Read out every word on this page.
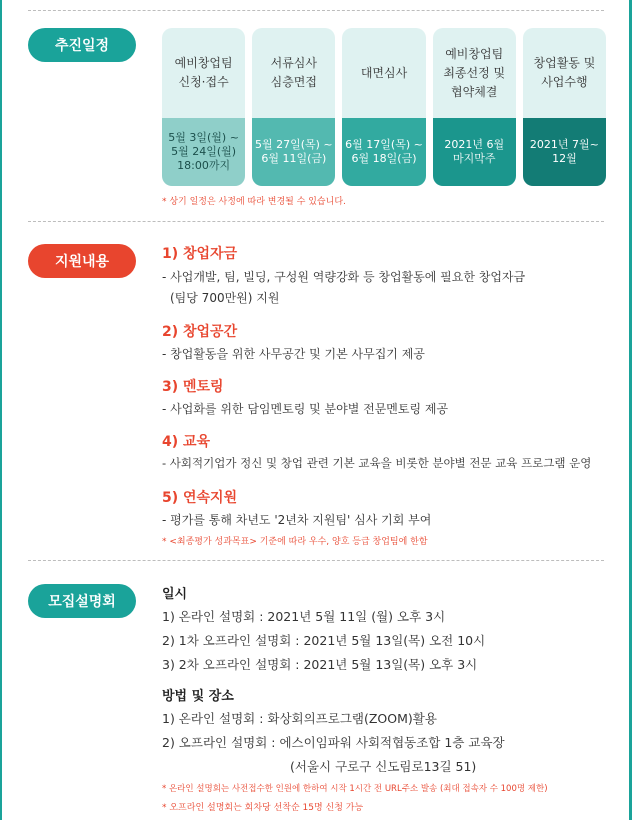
추진일정
예비창업팀
신청·접수
5월 3일(월) ~
5월 24일(월)
18:00까지
서류심사
심층면접
5월 27일(목) ~
6월 11일(금)
대면심사
6월 17일(목) ~
6월 18일(금)
예비창업팀
최종선정 및
협약체결
2021년 6월
마지막주
창업활동 및
사업수행
2021년 7월~
12월
* 상기 일정은 사정에 따라 변경될 수 있습니다.
지원내용	1) 창업자금
- 사업개발, 팀, 빌딩, 구성원 역량강화 등 창업활동에 필요한 창업자금
(팀당 700만원) 지원
2) 창업공간
- 창업활동을 위한 사무공간 및 기본 사무집기 제공
3) 멘토링
- 사업화를 위한 담임멘토링 및 분야별 전문멘토링 제공
4) 교육
- 사회적기업가 정신 및 창업 관련 기본 교육을 비롯한 분야별 전문 교육 프로그램 운영
5) 연속지원
- 평가를 통해 차년도 '2년차 지원팀' 심사 기회 부여
* <최종평가 성과목표> 기준에 따라 우수, 양호 등급 창업팀에 한함
모집설명회	일시
1) 온라인 설명회 : 2021년 5월 11일 (월) 오후 3시
2) 1차 오프라인 설명회 : 2021년 5월 13일(목) 오전 10시
3) 2차 오프라인 설명회 : 2021년 5월 13일(목) 오후 3시
방법 및 장소
1) 온라인 설명회 : 화상회의프로그램(ZOOM)활용
2) 오프라인 설명회 : 에스이임파워 사회적협동조합 1층 교육장
(서울시 구로구 신도림로13길 51)
* 온라인 설명회는 사전접수한 인원에 한하여 시작 1시간 전 URL주소 발송 (최대 접속자 수 100명 제한)
* 오프라인 설명회는 회차당 선착순 15명 신청 가능
